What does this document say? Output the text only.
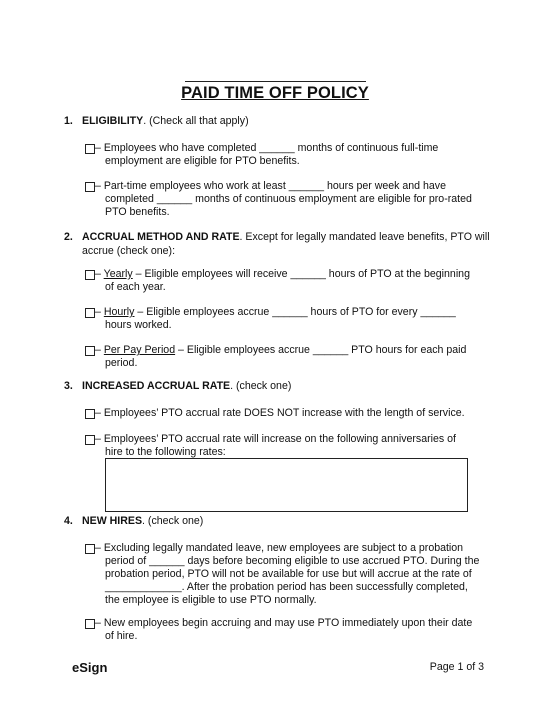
PAID TIME OFF POLICY
1. ELIGIBILITY. (Check all that apply)
– Employees who have completed ______ months of continuous full-time
employment are eligible for PTO benefits.
– Part-time employees who work at least ______ hours per week and have
completed ______ months of continuous employment are eligible for pro-rated PTO benefits.
2. ACCRUAL METHOD AND RATE. Except for legally mandated leave benefits, PTO will accrue (check one):
– Yearly – Eligible employees will receive ______ hours of PTO at the beginning
of each year.
– Hourly – Eligible employees accrue ______ hours of PTO for every ______
hours worked.
– Per Pay Period – Eligible employees accrue ______ PTO hours for each paid
period.
3. INCREASED ACCRUAL RATE. (check one)
– Employees’ PTO accrual rate DOES NOT increase with the length of service.
– Employees’ PTO accrual rate will increase on the following anniversaries of
hire to the following rates:
4. NEW HIRES. (check one)
– Excluding legally mandated leave, new employees are subject to a probation
period of ______ days before becoming eligible to use accrued PTO. During the probation period, PTO will not be available for use but will accrue at the rate of _____________. After the probation period has been successfully completed, the employee is eligible to use PTO normally.
– New employees begin accruing and may use PTO immediately upon their date
of hire.
eSign	Page 1 of 3
